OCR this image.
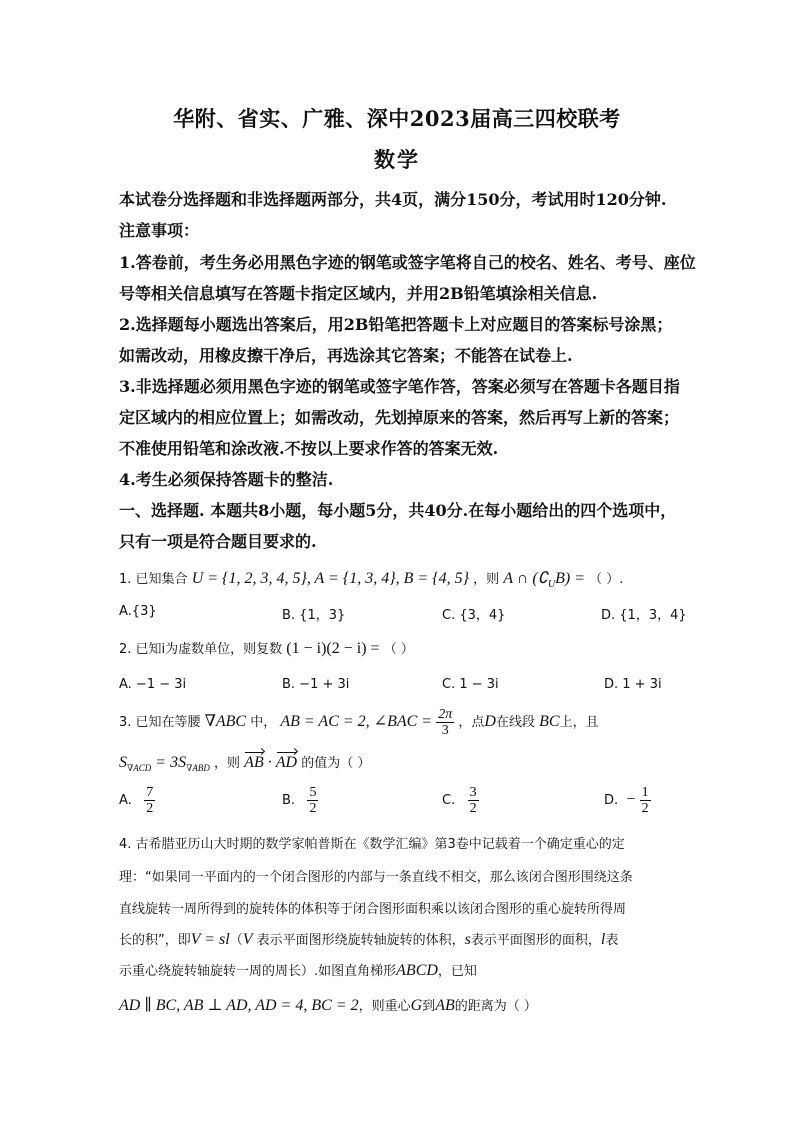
华附、省实、广雅、深中2023届高三四校联考
数学
本试卷分选择题和非选择题两部分，共4页，满分150分，考试用时120分钟.
注意事项：
1.答卷前，考生务必用黑色字迹的钢笔或签字笔将自己的校名、姓名、考号、座位
号等相关信息填写在答题卡指定区域内，并用2B铅笔填涂相关信息.
2.选择题每小题选出答案后，用2B铅笔把答题卡上对应题目的答案标号涂黑；
如需改动，用橡皮擦干净后，再选涂其它答案；不能答在试卷上.
3.非选择题必须用黑色字迹的钢笔或签字笔作答，答案必须写在答题卡各题目指
定区域内的相应位置上；如需改动，先划掉原来的答案，然后再写上新的答案；
不准使用铅笔和涂改液.不按以上要求作答的答案无效.
4.考生必须保持答题卡的整洁.
一、选择题. 本题共8小题，每小题5分，共40分.在每小题给出的四个选项中，
只有一项是符合题目要求的.
1. 已知集合 U = {1, 2, 3, 4, 5}, A = {1, 3, 4}, B = {4, 5} ，则 A ∩ $(∁_UB)$ = （ ）.
A.{3}	B. {1，3}	C. {3，4}	D. {1，3，4}
2. 已知i为虚数单位，则复数 (1 − i)(2 − i) = （ ）
A. −1 − 3i	B. −1 + 3i	C. 1 − 3i	D. 1 + 3i
3. 已知在等腰 ∇ABC 中， AB = AC = 2, ∠BAC = $\frac{2\pi}{3}$ ，点D在线段 BC上，且
$S_{\nabla ACD} = 3S_{\nabla ABD}$ ，则 AB · AD 的值为（ ）
A. $\frac{7}{2}$	B. $\frac{5}{2}$	C. $\frac{3}{2}$	D. − $\frac{1}{2}$
4. 古希腊亚历山大时期的数学家帕普斯在《数学汇编》第3卷中记载着一个确定重心的定
理：“如果同一平面内的一个闭合图形的内部与一条直线不相交，那么该闭合图形围绕这条
直线旋转一周所得到的旋转体的体积等于闭合图形面积乘以该闭合图形的重心旋转所得周
长的积”，即V = sl（V 表示平面图形绕旋转轴旋转的体积，s表示平面图形的面积，l表
示重心绕旋转轴旋转一周的周长）.如图直角梯形ABCD，已知
AD ∥ BC, AB ⊥ AD, AD = 4, BC = 2，则重心G到AB的距离为（ ）
